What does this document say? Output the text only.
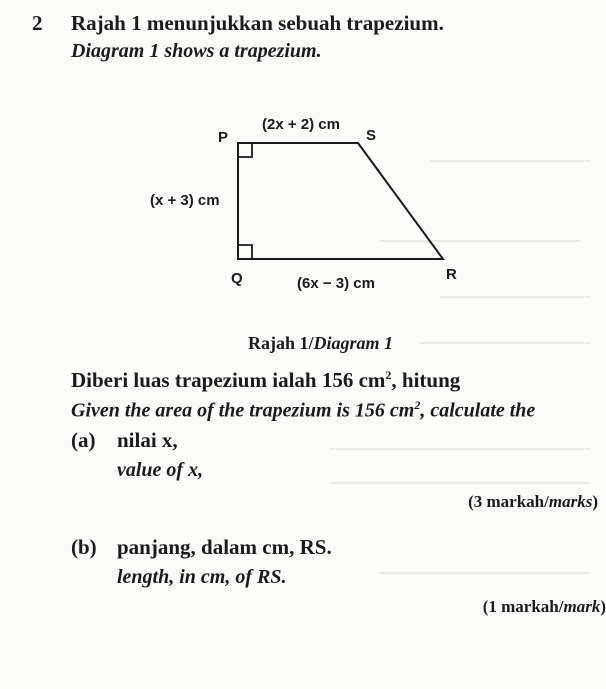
2 Rajah 1 menunjukkan sebuah trapezium.
Diagram 1 shows a trapezium.
P	S
Q	R
(2x + 2) cm
(x + 3) cm
(6x − 3) cm
Rajah 1/Diagram 1
Diberi luas trapezium ialah 156 $cm^2$, hitung
Given the area of the trapezium is 156 $cm^2$, calculate the
(a) nilai x,
value of x,
(3 markah/marks)
(b) panjang, dalam cm, RS.
length, in cm, of RS.
(1 markah/mark)
